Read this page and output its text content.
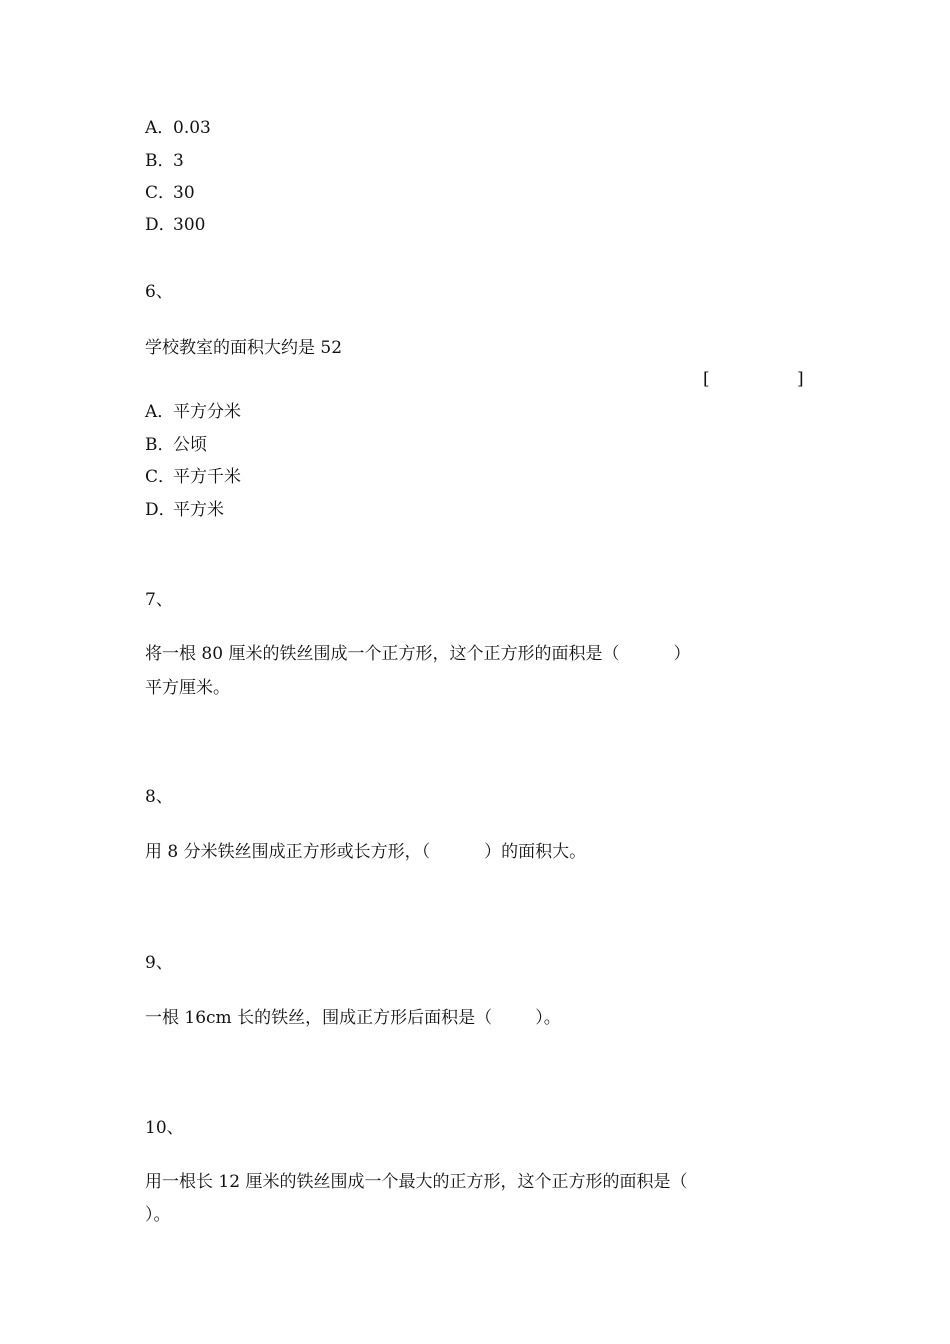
A．0.03
B．3
C．30
D．300
6、
学校教室的面积大约是 52
[	]
A．平方分米
B．公顷
C．平方千米
D．平方米
7、
将一根 80 厘米的铁丝围成一个正方形，这个正方形的面积是（          ）
平方厘米。
8、
用 8 分米铁丝围成正方形或长方形，（          ）的面积大。
9、
一根 16cm 长的铁丝，围成正方形后面积是（        ）。
10、
用一根长 12 厘米的铁丝围成一个最大的正方形，这个正方形的面积是（
）。
